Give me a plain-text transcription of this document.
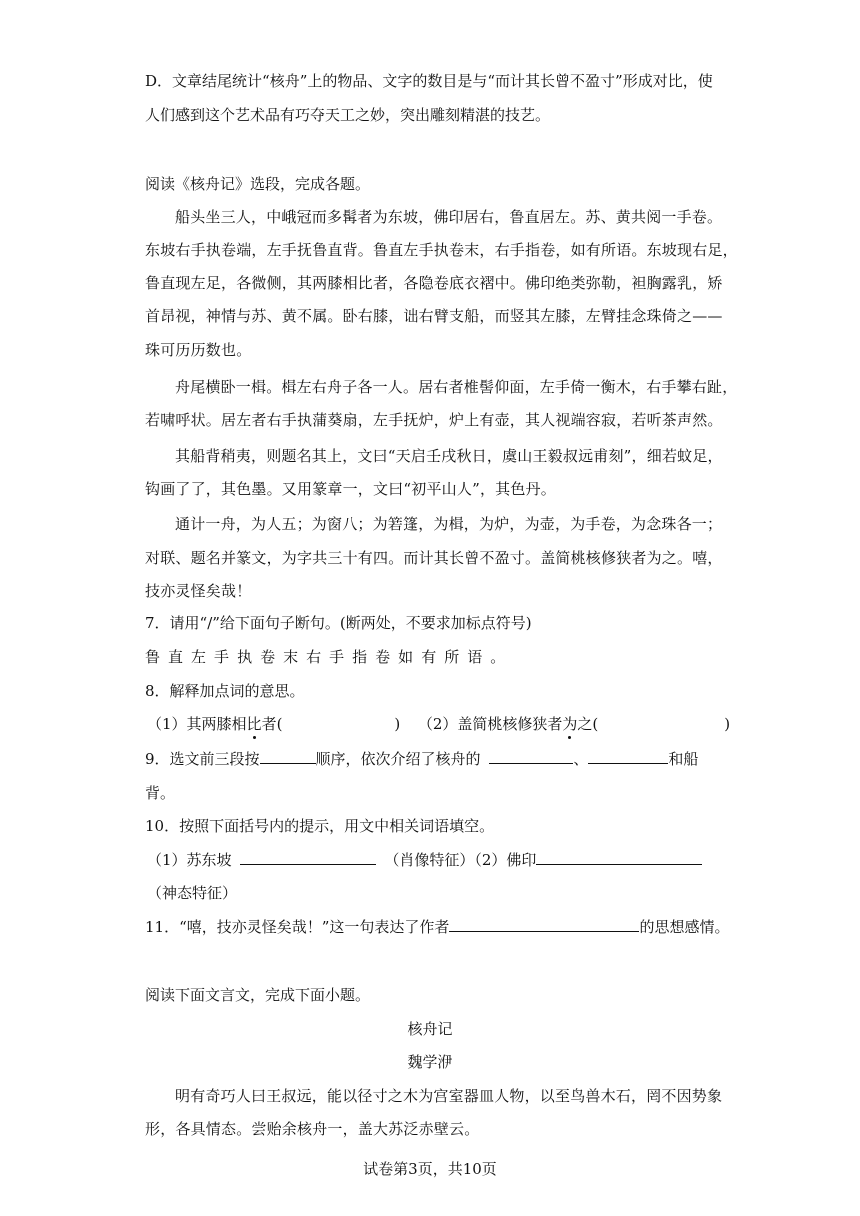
D．文章结尾统计“核舟”上的物品、文字的数目是与“而计其长曾不盈寸”形成对比，使
人们感到这个艺术品有巧夺天工之妙，突出雕刻精湛的技艺。
阅读《核舟记》选段，完成各题。
船头坐三人，中峨冠而多髯者为东坡，佛印居右，鲁直居左。苏、黄共阅一手卷。
东坡右手执卷端，左手抚鲁直背。鲁直左手执卷末，右手指卷，如有所语。东坡现右足，
鲁直现左足，各微侧，其两膝相比者，各隐卷底衣褶中。佛印绝类弥勒，袒胸露乳，矫
首昂视，神情与苏、黄不属。卧右膝，诎右臂支船，而竖其左膝，左臂挂念珠倚之——
珠可历历数也。
舟尾横卧一楫。楫左右舟子各一人。居右者椎髻仰面，左手倚一衡木，右手攀右趾，
若啸呼状。居左者右手执蒲葵扇，左手抚炉，炉上有壶，其人视端容寂，若听茶声然。
其船背稍夷，则题名其上，文曰“天启壬戌秋日，虞山王毅叔远甫刻”，细若蚊足，
钩画了了，其色墨。又用篆章一，文曰“初平山人”，其色丹。
通计一舟，为人五；为窗八；为箬篷，为楫，为炉，为壶，为手卷，为念珠各一；
对联、题名并篆文，为字共三十有四。而计其长曾不盈寸。盖简桃核修狭者为之。嘻，
技亦灵怪矣哉！
7．请用“/”给下面句子断句。(断两处，不要求加标点符号)
鲁 直 左 手 执 卷 末 右 手 指 卷 如 有 所 语 。
8．解释加点词的意思。
（1）其两膝相比者(	) （2）盖简桃核修狭者为之(	)
9．选文前三段按	顺序，依次介绍了核舟的	、	和船
背。
10．按照下面括号内的提示，用文中相关词语填空。
（1）苏东坡	（肖像特征）（2）佛印
（神态特征）
11．“嘻，技亦灵怪矣哉！”这一句表达了作者	的思想感情。
阅读下面文言文，完成下面小题。
核舟记
魏学洢
明有奇巧人曰王叔远，能以径寸之木为宫室器皿人物，以至鸟兽木石，罔不因势象
形，各具情态。尝贻余核舟一，盖大苏泛赤壁云。
试卷第3页，共10页
